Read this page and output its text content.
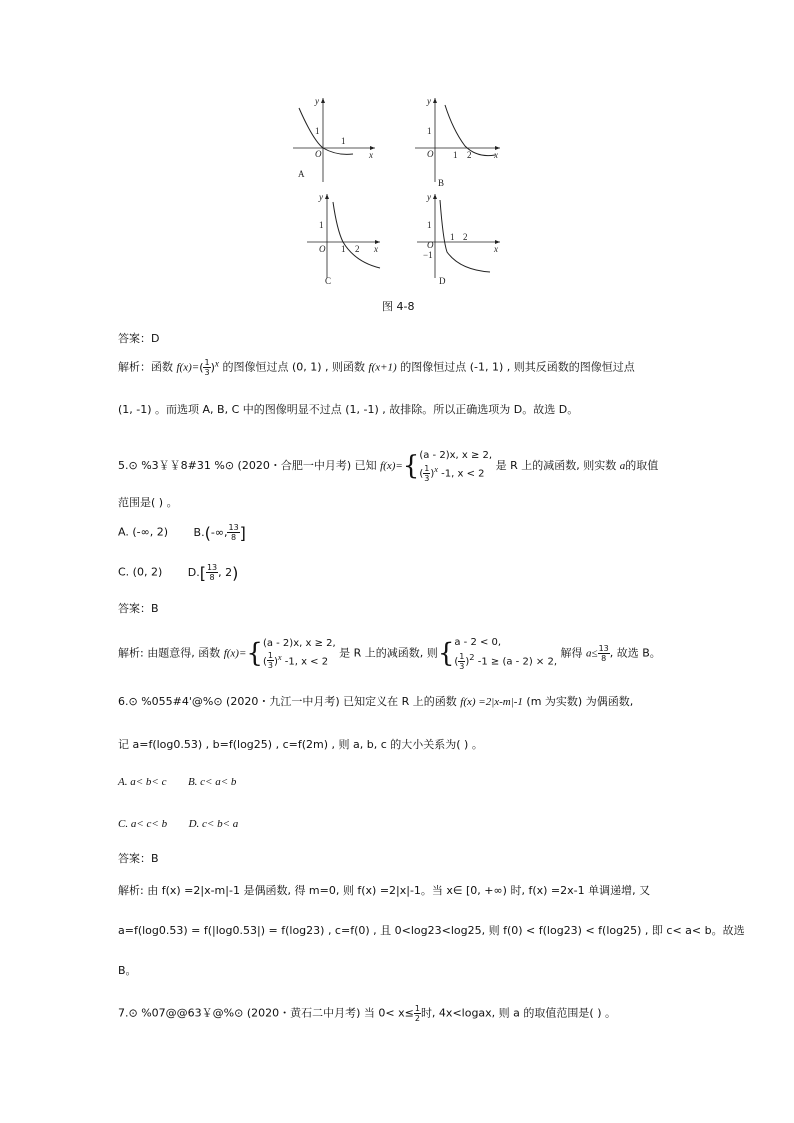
y
x
O
1
1
A
y
x
O
1
1 2
B
y
x
O
1
1 2
C
y
x
O
1
−1
1 2
D
图 4-8
答案：D
解析：函数 $f(x)=( \frac{1}{3} )^x$ 的图像恒过点 (0, 1) , 则函数 f(x+1) 的图像恒过点 (-1, 1) , 则其反函数的图像恒过点
(1, -1) 。而选项 A, B, C 中的图像明显不过点 (1, -1) , 故排除。所以正确选项为 D。故选 D。
5.⊙ %3￥￥8#31 %⊙ (2020・合肥一中月考) 已知 f(x)={ (a - 2)x, x ≥ 2,
( $\frac{1}{3} )^x$ -1, x < 2
是 R 上的减函数, 则实数 a的取值
范围是( ) 。
A. (-∞, 2) B.(-∞, $\frac{13}{8}$ ]
C. (0, 2) $D.[ \frac{13}{8}$ , 2)
答案：B
解析: 由题意得, 函数 f(x)={ (a - 2)x, x ≥ 2,
( $\frac{1}{3} )^x$ -1, x < 2
是 R 上的减函数, 则{ a - 2 < 0,
( $\frac{1}{3} )^2$ -1 ≥ (a - 2) × 2,
解得 $a\le \frac{13}{8}$ , 故选 B。
6.⊙ %055#4'@%⊙ (2020・九江一中月考) 已知定义在 R 上的函数 f(x) =2|x-m|-1 (m 为实数) 为偶函数,
记 a=f(log0.53) , b=f(log25) , c=f(2m) , 则 a, b, c 的大小关系为( ) 。
A. a< b< c B. c< a< b
C. a< c< b D. c< b< a
答案：B
解析: 由 f(x) =2|x-m|-1 是偶函数, 得 m=0, 则 f(x) =2|x|-1。当 x∈ [0, +∞) 时, f(x) =2x-1 单调递增, 又
a=f(log0.53) = f(|log0.53|) = f(log23) , c=f(0) , 且 0<log23<log25, 则 f(0) < f(log23) < f(log25) , 即 c< a< b。故选
B。
7.⊙ %07@@63￥@%⊙ (2020・黄石二中月考) 当 $0< x\le \frac{1}{2}$ 时, 4x<logax, 则 a 的取值范围是( ) 。
